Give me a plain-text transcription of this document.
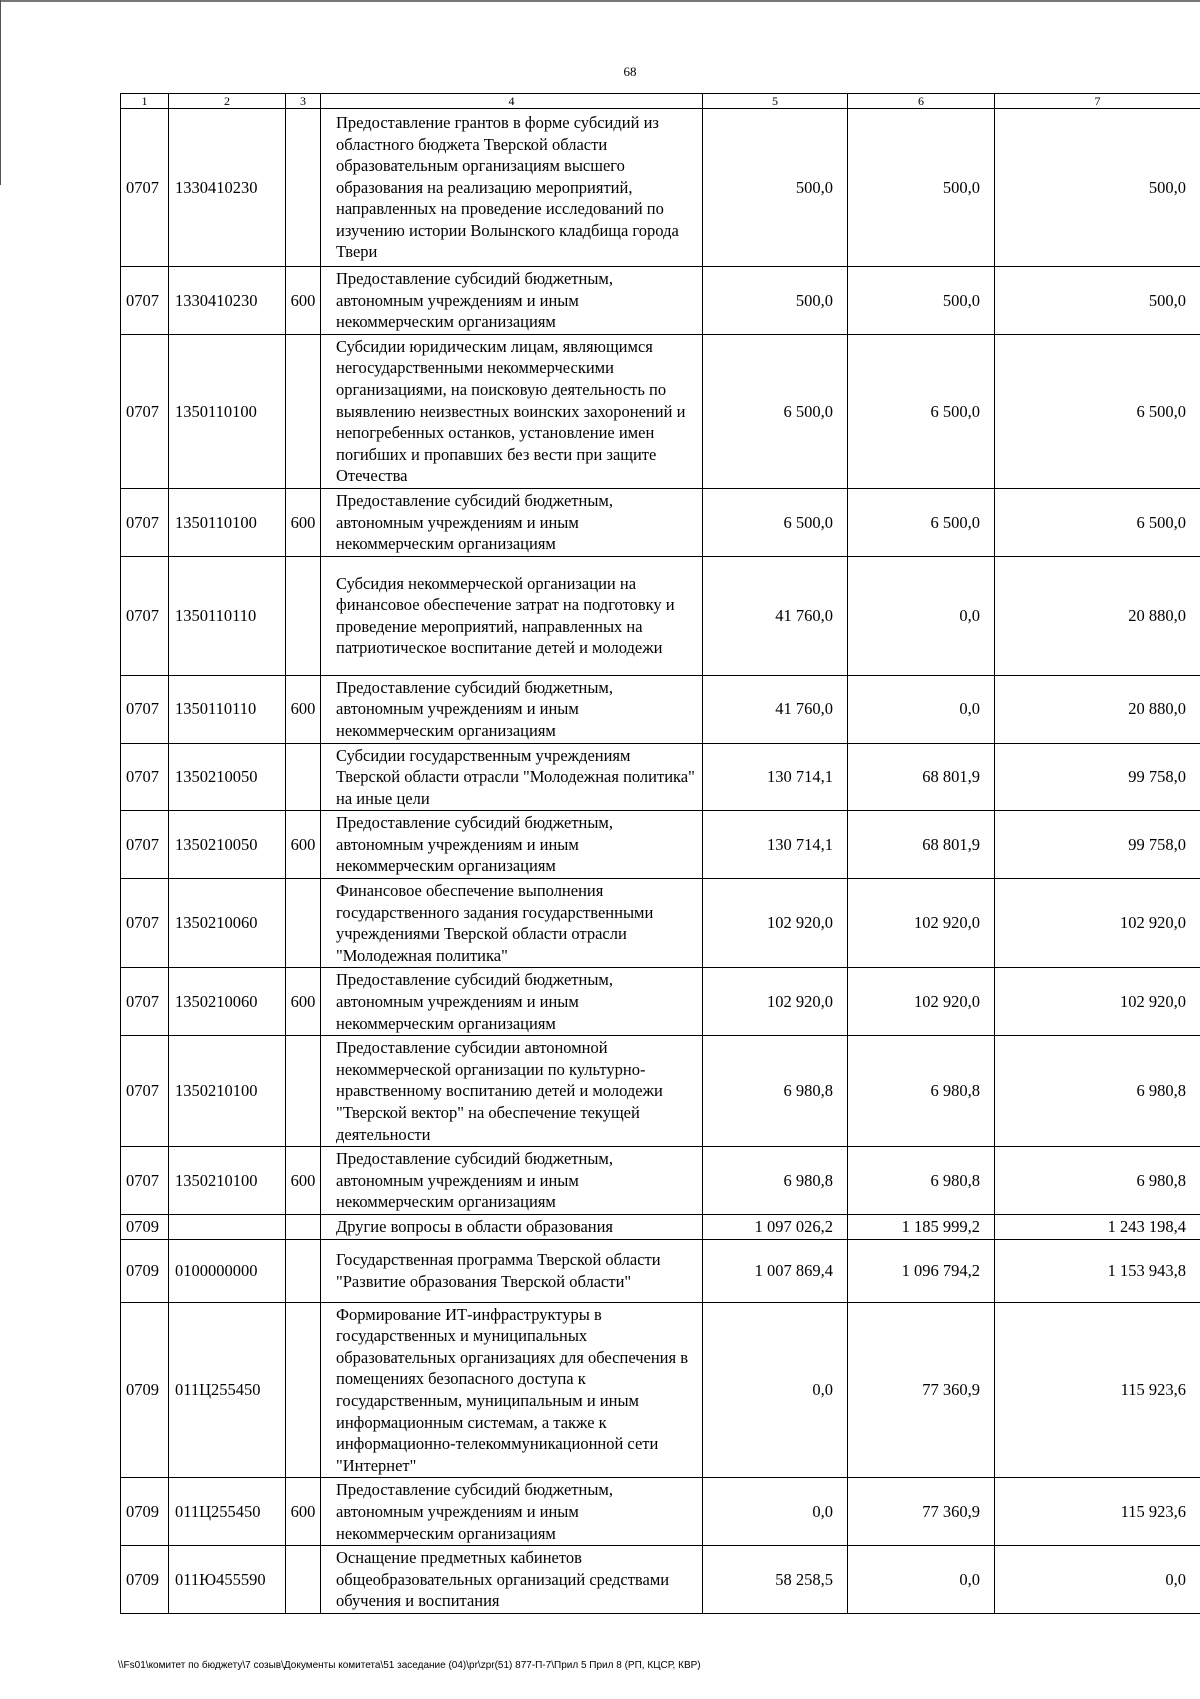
68
1	2	3	4	5	6	7
0707	1330410230		Предоставление грантов в форме субсидий из областного бюджета Тверской области образовательным организациям высшего образования на реализацию мероприятий, направленных на проведение исследований по изучению истории Волынского кладбища города Твери	500,0	500,0	500,0
0707	1330410230	600	Предоставление субсидий бюджетным, автономным учреждениям и иным некоммерческим организациям	500,0	500,0	500,0
0707	1350110100		Субсидии юридическим лицам, являющимся негосударственными некоммерческими организациями, на поисковую деятельность по выявлению неизвестных воинских захоронений и непогребенных останков, установление имен погибших и пропавших без вести при защите Отечества	6 500,0	6 500,0	6 500,0
0707	1350110100	600	Предоставление субсидий бюджетным, автономным учреждениям и иным некоммерческим организациям	6 500,0	6 500,0	6 500,0
0707	1350110110		Субсидия некоммерческой организации на финансовое обеспечение затрат на подготовку и проведение мероприятий, направленных на патриотическое воспитание детей и молодежи	41 760,0	0,0	20 880,0
0707	1350110110	600	Предоставление субсидий бюджетным, автономным учреждениям и иным некоммерческим организациям	41 760,0	0,0	20 880,0
0707	1350210050		Субсидии государственным учреждениям Тверской области отрасли "Молодежная политика" на иные цели	130 714,1	68 801,9	99 758,0
0707	1350210050	600	Предоставление субсидий бюджетным, автономным учреждениям и иным некоммерческим организациям	130 714,1	68 801,9	99 758,0
0707	1350210060		Финансовое обеспечение выполнения государственного задания государственными учреждениями Тверской области отрасли "Молодежная политика"	102 920,0	102 920,0	102 920,0
0707	1350210060	600	Предоставление субсидий бюджетным, автономным учреждениям и иным некоммерческим организациям	102 920,0	102 920,0	102 920,0
0707	1350210100		Предоставление субсидии автономной некоммерческой организации по культурно-нравственному воспитанию детей и молодежи "Тверской вектор" на обеспечение текущей деятельности	6 980,8	6 980,8	6 980,8
0707	1350210100	600	Предоставление субсидий бюджетным, автономным учреждениям и иным некоммерческим организациям	6 980,8	6 980,8	6 980,8
0709			Другие вопросы в области образования	1 097 026,2	1 185 999,2	1 243 198,4
0709	0100000000		Государственная программа Тверской области "Развитие образования Тверской области"	1 007 869,4	1 096 794,2	1 153 943,8
0709	011Ц255450		Формирование ИТ-инфраструктуры в государственных и муниципальных образовательных организациях для обеспечения в помещениях безопасного доступа к государственным, муниципальным и иным информационным системам, а также к информационно-телекоммуникационной сети "Интернет"	0,0	77 360,9	115 923,6
0709	011Ц255450	600	Предоставление субсидий бюджетным, автономным учреждениям и иным некоммерческим организациям	0,0	77 360,9	115 923,6
0709	011Ю455590		Оснащение предметных кабинетов общеобразовательных организаций средствами обучения и воспитания	58 258,5	0,0	0,0
\\Fs01\комитет по бюджету\7 созыв\Документы комитета\51 заседание (04)\pr\zpr(51) 877-П-7\Прил 5 Прил 8 (РП, КЦСР, КВР)
